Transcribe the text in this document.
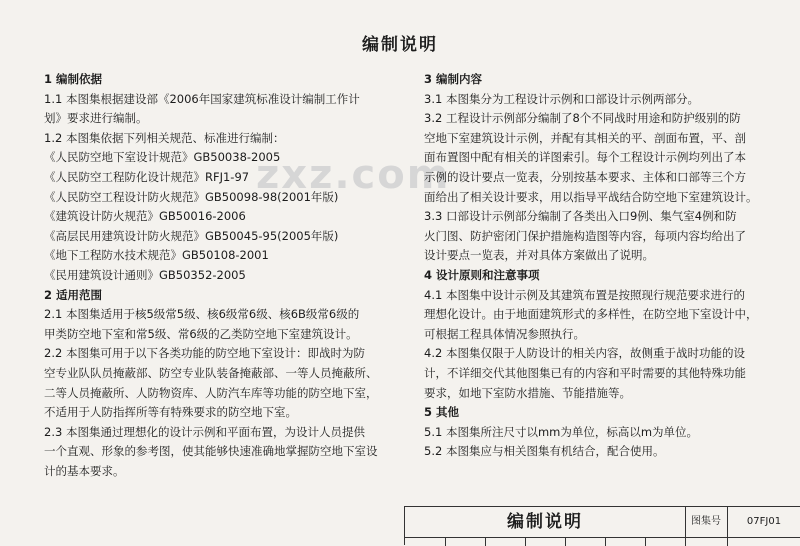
编制说明
zxz.com
1 编制依据
1.1 本图集根据建设部《2006年国家建筑标准设计编制工作计
划》要求进行编制。
1.2 本图集依据下列相关规范、标准进行编制：
《人民防空地下室设计规范》GB50038-2005
《人民防空工程防化设计规范》RFJ1-97
《人民防空工程设计防火规范》GB50098-98(2001年版)
《建筑设计防火规范》GB50016-2006
《高层民用建筑设计防火规范》GB50045-95(2005年版)
《地下工程防水技术规范》GB50108-2001
《民用建筑设计通则》GB50352-2005
2 适用范围
2.1 本图集适用于核5级常5级、核6级常6级、核6B级常6级的
甲类防空地下室和常5级、常6级的乙类防空地下室建筑设计。
2.2 本图集可用于以下各类功能的防空地下室设计：即战时为防
空专业队队员掩蔽部、防空专业队装备掩蔽部、一等人员掩蔽所、
二等人员掩蔽所、人防物资库、人防汽车库等功能的防空地下室，
不适用于人防指挥所等有特殊要求的防空地下室。
2.3 本图集通过理想化的设计示例和平面布置，为设计人员提供
一个直观、形象的参考图，使其能够快速准确地掌握防空地下室设
计的基本要求。
3 编制内容
3.1 本图集分为工程设计示例和口部设计示例两部分。
3.2 工程设计示例部分编制了8个不同战时用途和防护级别的防
空地下室建筑设计示例，并配有其相关的平、剖面布置，平、剖
面布置图中配有相关的详图索引。每个工程设计示例均列出了本
示例的设计要点一览表，分别按基本要求、主体和口部等三个方
面给出了相关设计要求，用以指导平战结合防空地下室建筑设计。
3.3 口部设计示例部分编制了各类出入口9例、集气室4例和防
火门图、防护密闭门保护措施构造图等内容，每项内容均给出了
设计要点一览表，并对具体方案做出了说明。
4 设计原则和注意事项
4.1 本图集中设计示例及其建筑布置是按照现行规范要求进行的
理想化设计。由于地面建筑形式的多样性，在防空地下室设计中，
可根据工程具体情况参照执行。
4.2 本图集仅限于人防设计的相关内容，故侧重于战时功能的设
计，不详细交代其他图集已有的内容和平时需要的其他特殊功能
要求，如地下室防水措施、节能措施等。
5 其他
5.1 本图集所注尺寸以mm为单位，标高以m为单位。
5.2 本图集应与相关图集有机结合，配合使用。
编制说明	图集号	07FJ01
